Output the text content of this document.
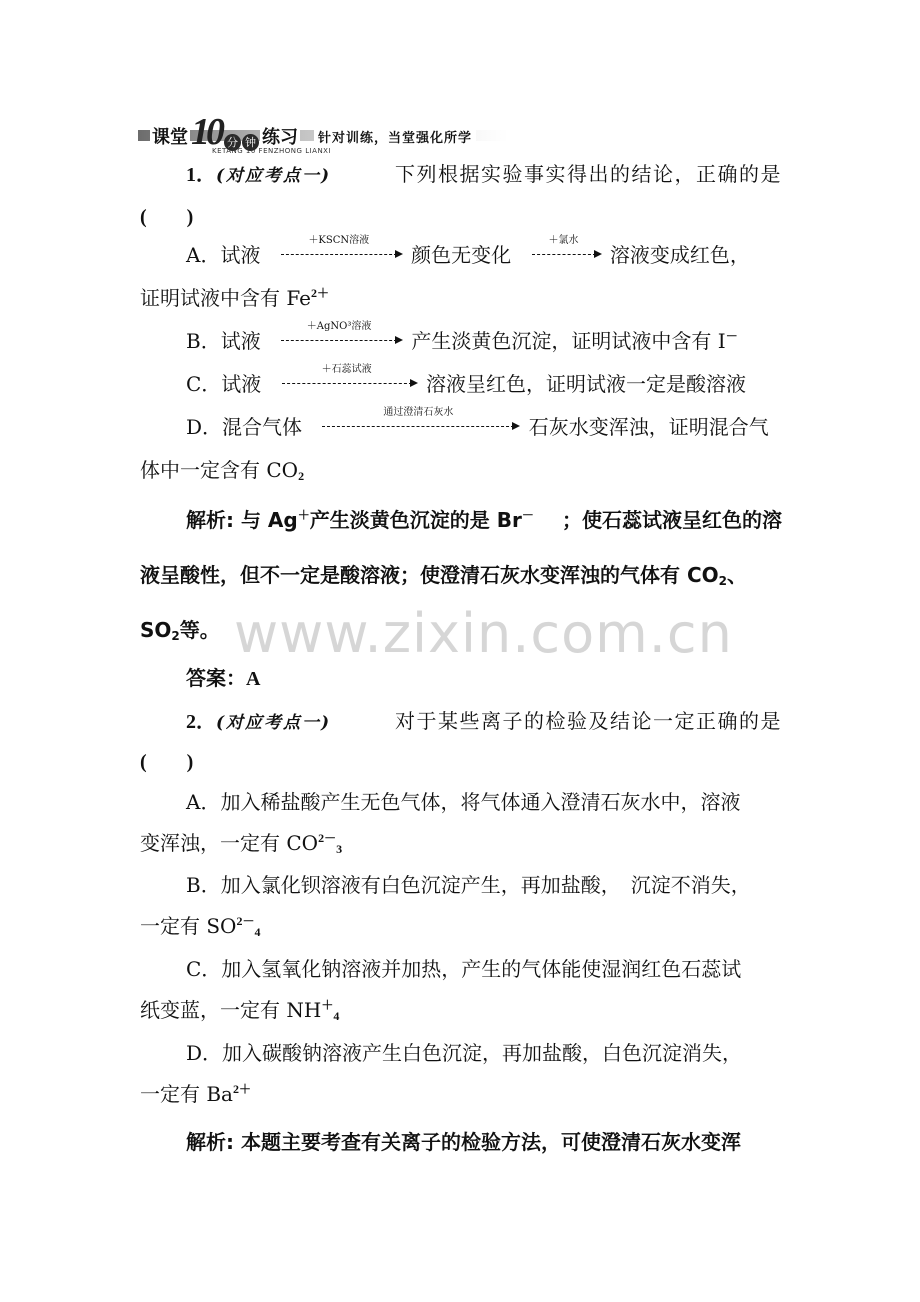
课堂 10 分 钟 练习	针对训练，当堂强化所学
KETANG 10 FENZHONG LIANXI
1．(对应考点一)	下列根据实验事实得出的结论，正确的是
(　　)
A．试液
＋KSCN溶液
颜色无变化
＋氯水
溶液变成红色，
证明试液中含有 $Fe^{2+}$
B．试液
＋AgNO³溶液
产生淡黄色沉淀，证明试液中含有 I－
C．试液
＋石蕊试液
溶液呈红色，证明试液一定是酸溶液
D．混合气体
通过澄清石灰水
石灰水变浑浊，证明混合气
体中一定含有 $CO_2$
解析: 与 Ag＋产生淡黄色沉淀的是 Br－ ；使石蕊试液呈红色的溶
液呈酸性，但不一定是酸溶液；使澄清石灰水变浑浊的气体有 $CO_2$、
$SO_2$等。
答案：A
2．(对应考点一)	对于某些离子的检验及结论一定正确的是
(　　)
A．加入稀盐酸产生无色气体，将气体通入澄清石灰水中，溶液
变浑浊，一定有 $CO^{2-}_3$
B．加入氯化钡溶液有白色沉淀产生，再加盐酸，　沉淀不消失，
一定有 $SO^{2-}_4$
C．加入氢氧化钠溶液并加热，产生的气体能使湿润红色石蕊试
纸变蓝，一定有 $NH^+_4$
D．加入碳酸钠溶液产生白色沉淀，再加盐酸，白色沉淀消失，
一定有 $Ba^{2+}$
解析: 本题主要考查有关离子的检验方法，可使澄清石灰水变浑
www.zixin.com.cn
